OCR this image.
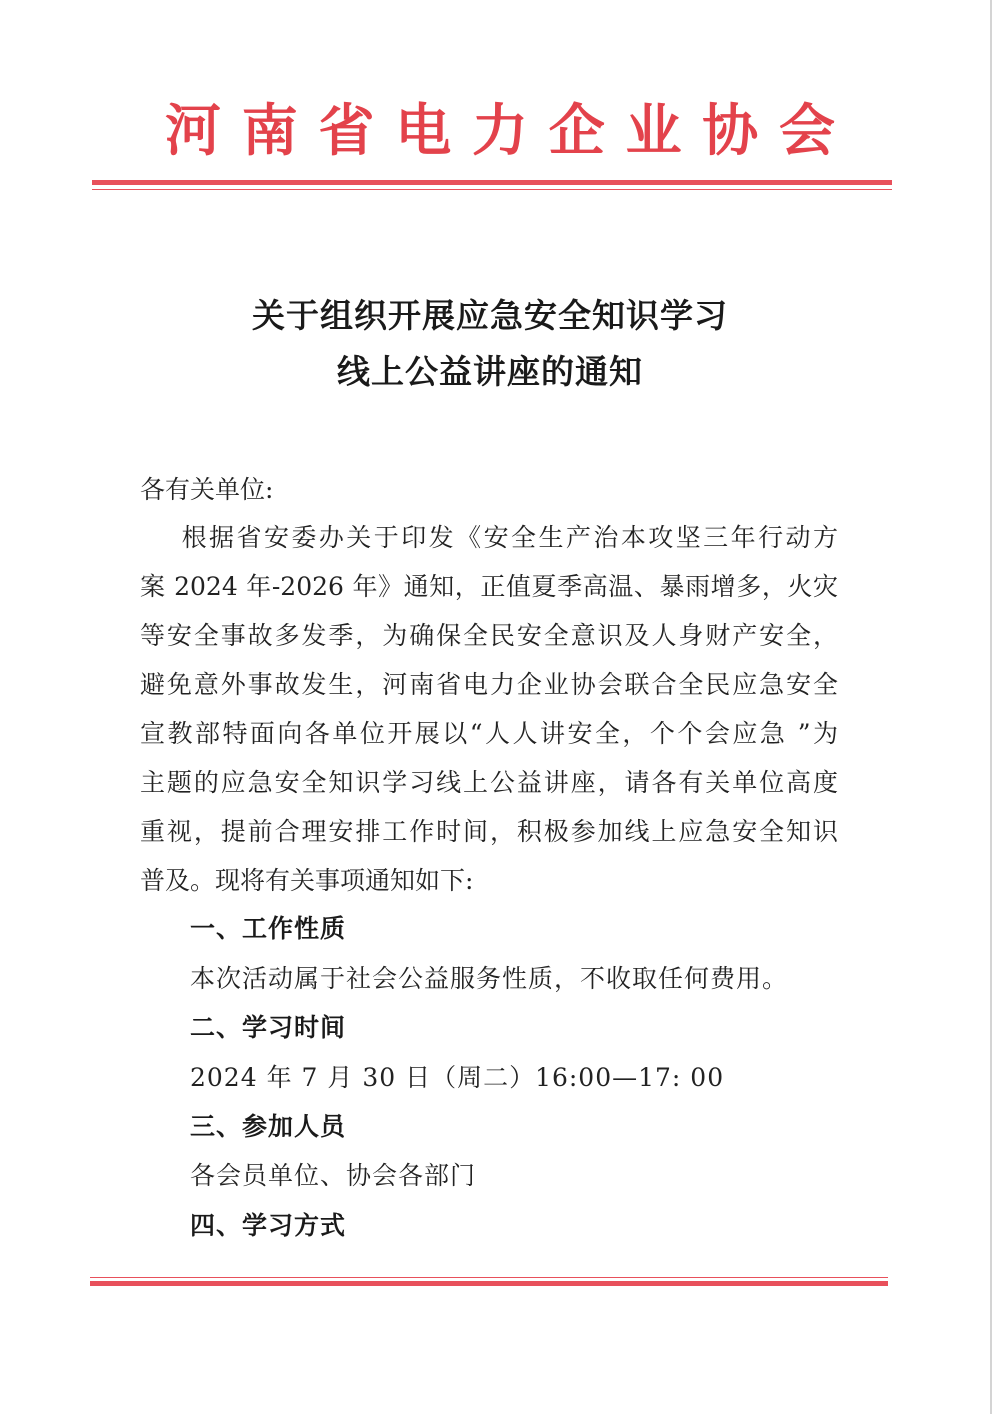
河 南 省 电 力 企 业 协 会
关于组织开展应急安全知识学习
线上公益讲座的通知
各有关单位:
根据省安委办关于印发《安全生产治本攻坚三年行动方
案 2024 年-2026 年》通知，正值夏季高温、暴雨增多，火灾
等安全事故多发季，为确保全民安全意识及人身财产安全，
避免意外事故发生，河南省电力企业协会联合全民应急安全
宣教部特面向各单位开展以“人人讲安全，个个会应急 ”为
主题的应急安全知识学习线上公益讲座，请各有关单位高度
重视，提前合理安排工作时间，积极参加线上应急安全知识
普及。现将有关事项通知如下:
一、工作性质
本次活动属于社会公益服务性质，不收取任何费用。
二、学习时间
2024 年 7 月 30 日（周二）16:00—17: 00
三、参加人员
各会员单位、协会各部门
四、学习方式
